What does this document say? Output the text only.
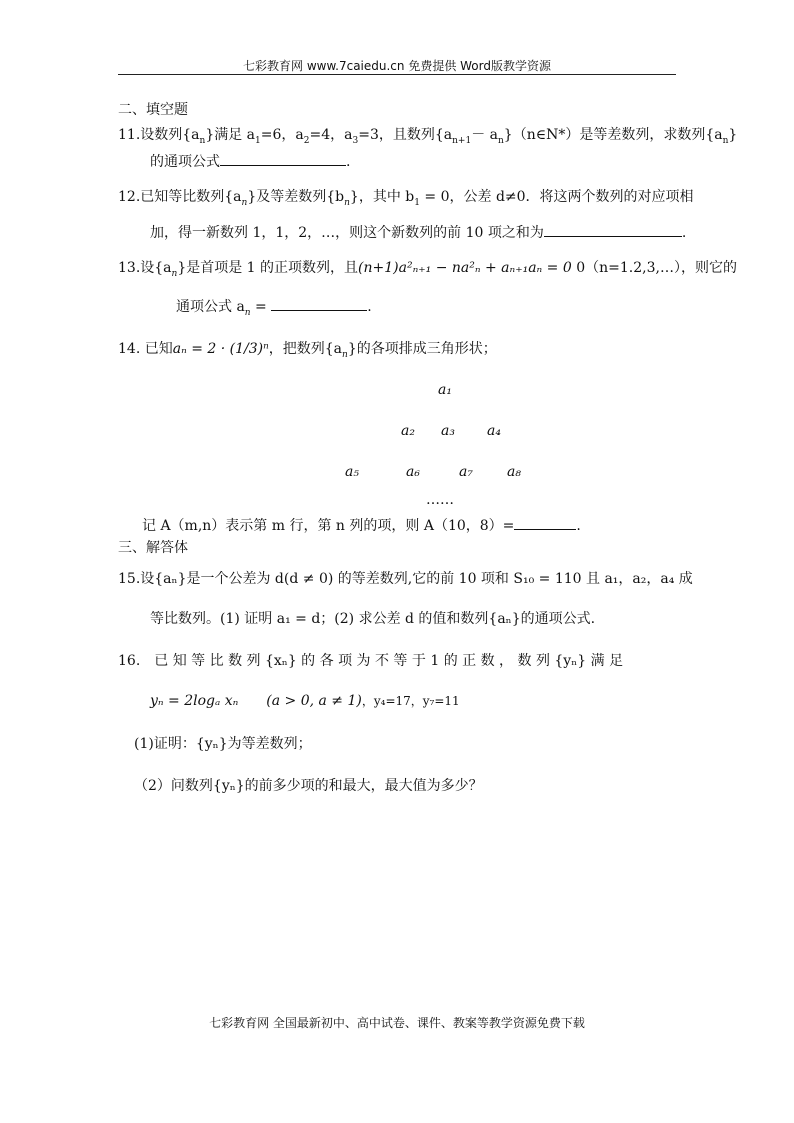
七彩教育网 www.7caiedu.cn 免费提供 Word版教学资源
二、填空题
11.设数列$\{a_n\}$满足 $a_1=6$，$a_2=4$，$a_3=3$，且数列{$a_{n+1}-$ $a_n\}(n\in N*)$是等差数列，求数列$\{a_n\}$
的通项公式	.
12.已知等比数列$\{a_n\}$及等差数列$\{b_n\}$，其中 $b_1 = 0$，公差 d≠0．将这两个数列的对应项相
加，得一新数列 1，1，2，…，则这个新数列的前 10 项之和为	.
13.设$\{a_n\}$是首项是 1 的正项数列，且(n+1)a²ₙ₊₁ − na²ₙ + aₙ₊₁aₙ = 0 0（n=1.2,3,…），则它的
通项公式 $a_n$ =	.
14. 已知aₙ = 2 · (1/3)ⁿ，把数列$\{a_n\}$的各项排成三角形状；
a₁
a₂ a₃ a₄
a₅	a₆	a₇ a₈
……
记 A（m,n）表示第 m 行，第 n 列的项，则 A（10，8）=	.
三、解答体
15.设{aₙ}是一个公差为 d(d ≠ 0) 的等差数列,它的前 10 项和 S₁₀ = 110 且 a₁，a₂，a₄ 成
等比数列。(1) 证明 a₁ = d；(2) 求公差 d 的值和数列{aₙ}的通项公式.
16. 已 知 等 比 数 列 {xₙ} 的 各 项 为 不 等 于 1 的 正 数 ， 数 列 {yₙ} 满 足
yₙ = 2logₐ xₙ (a > 0, a ≠ 1)，y₄=17，y₇=11
(1)证明：{yₙ}为等差数列；
（2）问数列{yₙ}的前多少项的和最大，最大值为多少？
七彩教育网 全国最新初中、高中试卷、课件、教案等教学资源免费下载
